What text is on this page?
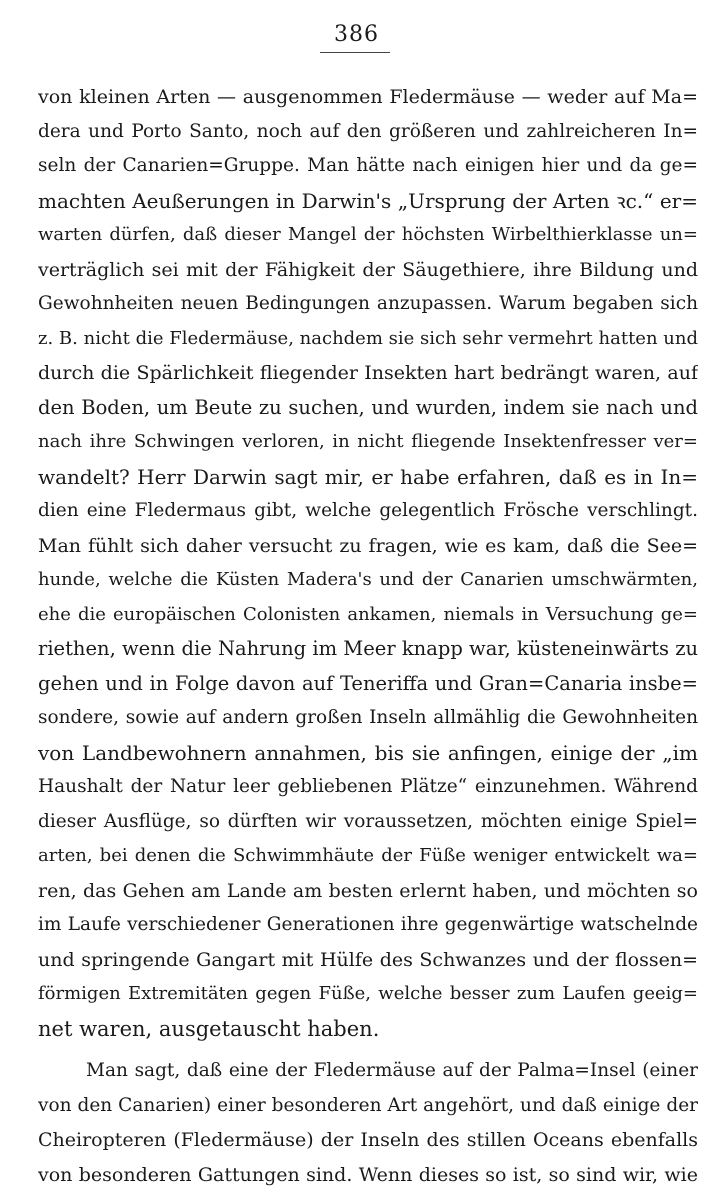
386
von kleinen Arten — ausgenommen Fledermäuse — weder auf Ma=
dera und Porto Santo, noch auf den größeren und zahlreicheren In=
seln der Canarien=Gruppe. Man hätte nach einigen hier und da ge=
machten Aeußerungen in Darwin's „Ursprung der Arten ꝛc.“ er=
warten dürfen, daß dieser Mangel der höchsten Wirbelthierklasse un=
verträglich sei mit der Fähigkeit der Säugethiere, ihre Bildung und
Gewohnheiten neuen Bedingungen anzupassen. Warum begaben sich
z. B. nicht die Fledermäuse, nachdem sie sich sehr vermehrt hatten und
durch die Spärlichkeit fliegender Insekten hart bedrängt waren, auf
den Boden, um Beute zu suchen, und wurden, indem sie nach und
nach ihre Schwingen verloren, in nicht fliegende Insektenfresser ver=
wandelt? Herr Darwin sagt mir, er habe erfahren, daß es in In=
dien eine Fledermaus gibt, welche gelegentlich Frösche verschlingt.
Man fühlt sich daher versucht zu fragen, wie es kam, daß die See=
hunde, welche die Küsten Madera's und der Canarien umschwärmten,
ehe die europäischen Colonisten ankamen, niemals in Versuchung ge=
riethen, wenn die Nahrung im Meer knapp war, küsteneinwärts zu
gehen und in Folge davon auf Teneriffa und Gran=Canaria insbe=
sondere, sowie auf andern großen Inseln allmählig die Gewohnheiten
von Landbewohnern annahmen, bis sie anfingen, einige der „im
Haushalt der Natur leer gebliebenen Plätze“ einzunehmen. Während
dieser Ausflüge, so dürften wir voraussetzen, möchten einige Spiel=
arten, bei denen die Schwimmhäute der Füße weniger entwickelt wa=
ren, das Gehen am Lande am besten erlernt haben, und möchten so
im Laufe verschiedener Generationen ihre gegenwärtige watschelnde
und springende Gangart mit Hülfe des Schwanzes und der flossen=
förmigen Extremitäten gegen Füße, welche besser zum Laufen geeig=
net waren, ausgetauscht haben.
Man sagt, daß eine der Fledermäuse auf der Palma=Insel (einer
von den Canarien) einer besonderen Art angehört, und daß einige der
Cheiropteren (Fledermäuse) der Inseln des stillen Oceans ebenfalls
von besonderen Gattungen sind. Wenn dieses so ist, so sind wir, wie
